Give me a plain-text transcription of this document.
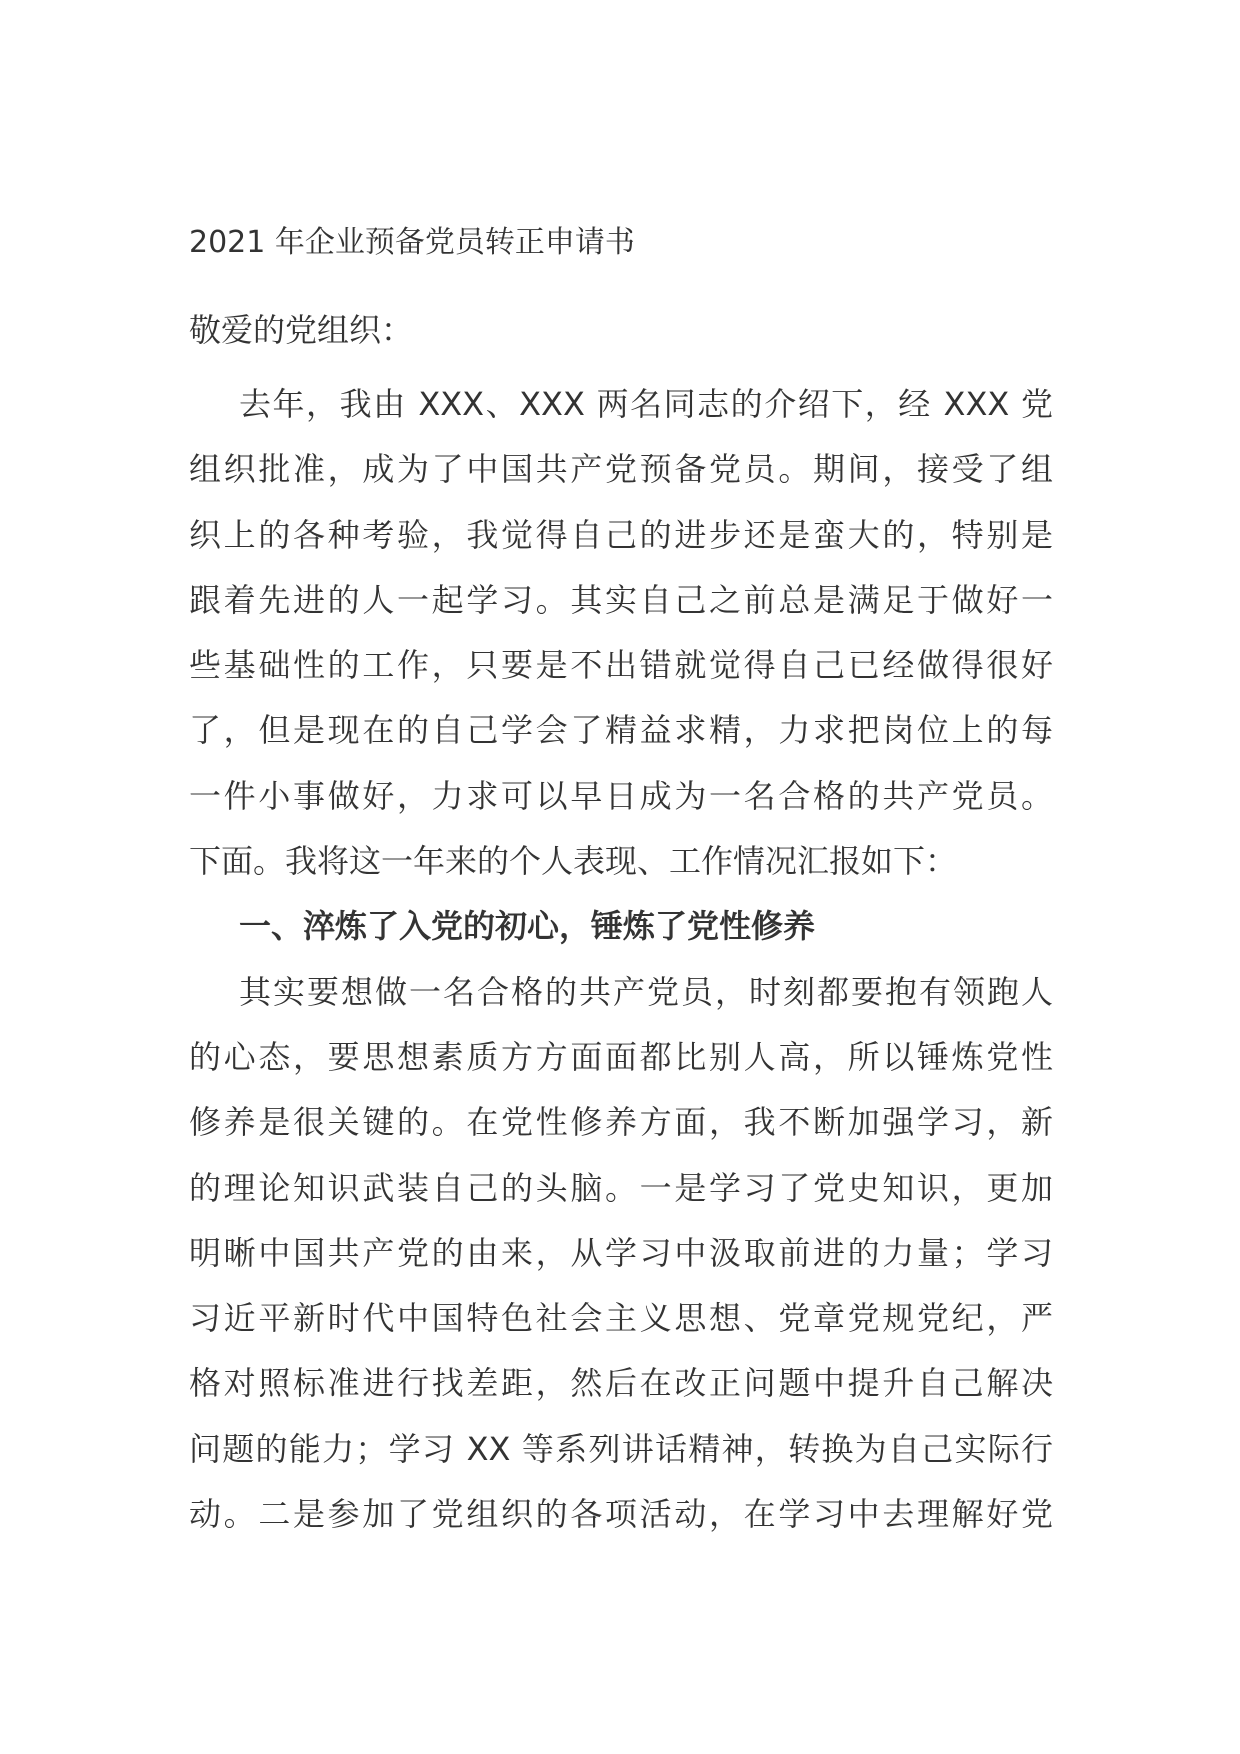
2021 年企业预备党员转正申请书
敬爱的党组织：
去年，我由 XXX、XXX 两名同志的介绍下，经 XXX 党
组织批准，成为了中国共产党预备党员。期间，接受了组
织上的各种考验，我觉得自己的进步还是蛮大的，特别是
跟着先进的人一起学习。其实自己之前总是满足于做好一
些基础性的工作，只要是不出错就觉得自己已经做得很好
了，但是现在的自己学会了精益求精，力求把岗位上的每
一件小事做好，力求可以早日成为一名合格的共产党员。
下面。我将这一年来的个人表现、工作情况汇报如下：
一、淬炼了入党的初心，锤炼了党性修养
其实要想做一名合格的共产党员，时刻都要抱有领跑人
的心态，要思想素质方方面面都比别人高，所以锤炼党性
修养是很关键的。在党性修养方面，我不断加强学习，新
的理论知识武装自己的头脑。一是学习了党史知识，更加
明晰中国共产党的由来，从学习中汲取前进的力量；学习
习近平新时代中国特色社会主义思想、党章党规党纪，严
格对照标准进行找差距，然后在改正问题中提升自己解决
问题的能力；学习 XX 等系列讲话精神，转换为自己实际行
动。二是参加了党组织的各项活动，在学习中去理解好党
